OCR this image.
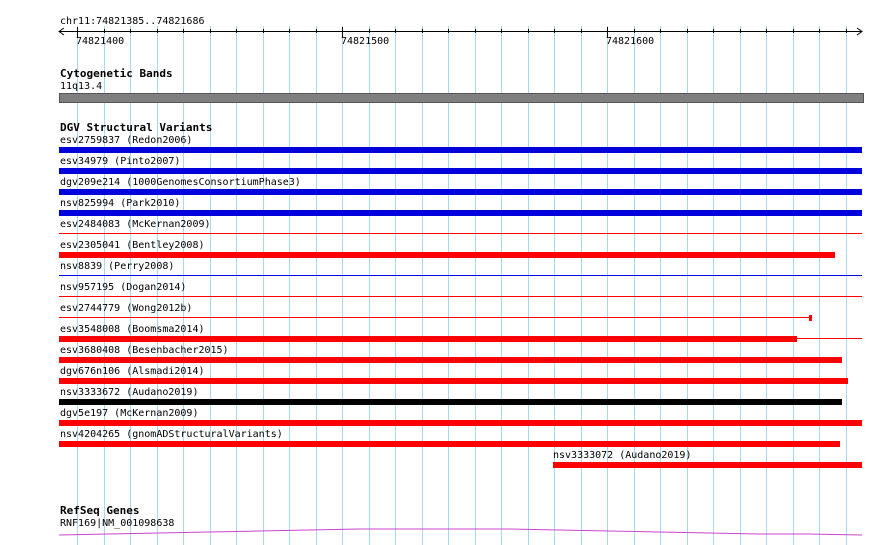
chr11:74821385..74821686
74821400	74821500	74821600
Cytogenetic Bands
11q13.4
DGV Structural Variants
esv2759837 (Redon2006)
esv34979 (Pinto2007)
dgv209e214 (1000GenomesConsortiumPhase3)
nsv825994 (Park2010)
esv2484083 (McKernan2009)
esv2305041 (Bentley2008)
nsv8839 (Perry2008)
nsv957195 (Dogan2014)
esv2744779 (Wong2012b)
esv3548008 (Boomsma2014)
esv3680408 (Besenbacher2015)
dgv676n106 (Alsmadi2014)
nsv3333672 (Audano2019)
dgv5e197 (McKernan2009)
nsv4204265 (gnomADStructuralVariants)
nsv3333072 (Audano2019)
RefSeq Genes
RNF169|NM_001098638
